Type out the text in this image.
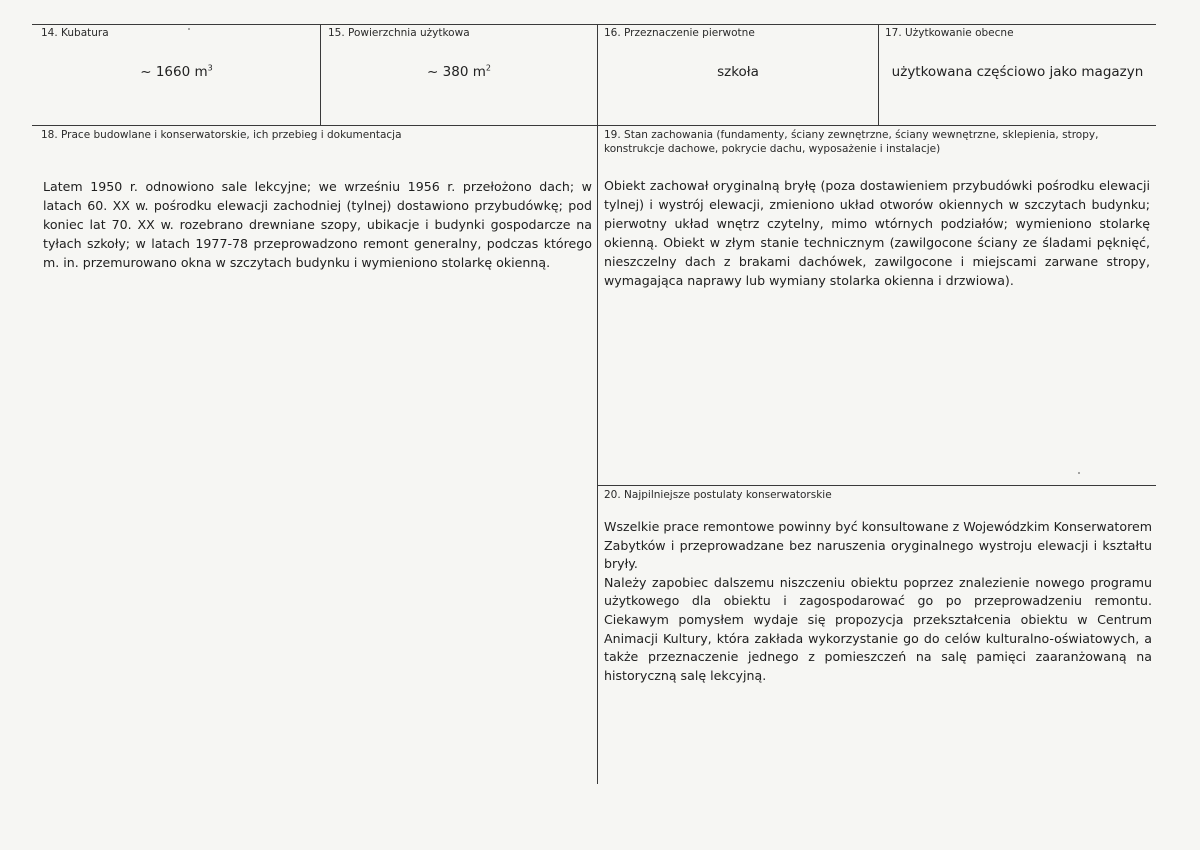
14. Kubatura
~ 1660 $m^3$
15. Powierzchnia użytkowa
~ 380 $m^2$
16. Przeznaczenie pierwotne
szkoła
17. Użytkowanie obecne
użytkowana częściowo jako magazyn
18. Prace budowlane i konserwatorskie, ich przebieg i dokumentacja
Latem 1950 r. odnowiono sale lekcyjne; we wrześniu 1956 r. przełożono dach; w latach 60. XX w. pośrodku elewacji zachodniej (tylnej) dostawiono przybudówkę; pod koniec lat 70. XX w. rozebrano drewniane szopy, ubikacje i budynki gospodarcze na tyłach szkoły; w latach 1977-78 przeprowadzono remont generalny, podczas którego m. in. przemurowano okna w szczytach budynku i wymieniono stolarkę okienną.
19. Stan zachowania (fundamenty, ściany zewnętrzne, ściany wewnętrzne, sklepienia, stropy, konstrukcje dachowe, pokrycie dachu, wyposażenie i instalacje)
Obiekt zachował oryginalną bryłę (poza dostawieniem przybudówki pośrodku elewacji tylnej) i wystrój elewacji, zmieniono układ otworów okiennych w szczytach budynku; pierwotny układ wnętrz czytelny, mimo wtórnych podziałów; wymieniono stolarkę okienną. Obiekt w złym stanie technicznym (zawilgocone ściany ze śladami pęknięć, nieszczelny dach z brakami dachówek, zawilgocone i miejscami zarwane stropy, wymagająca naprawy lub wymiany stolarka okienna i drzwiowa).
20. Najpilniejsze postulaty konserwatorskie

Wszelkie prace remontowe powinny być konsultowane z Wojewódzkim Konserwatorem Zabytków i przeprowadzane bez naruszenia oryginalnego wystroju elewacji i kształtu bryły.

Należy zapobiec dalszemu niszczeniu obiektu poprzez znalezienie nowego programu użytkowego dla obiektu i zagospodarować go po przeprowadzeniu remontu. Ciekawym pomysłem wydaje się propozycja przekształcenia obiektu w Centrum Animacji Kultury, która zakłada wykorzystanie go do celów kulturalno-oświatowych, a także przeznaczenie jednego z pomieszczeń na salę pamięci zaaranżowaną na historyczną salę lekcyjną.
